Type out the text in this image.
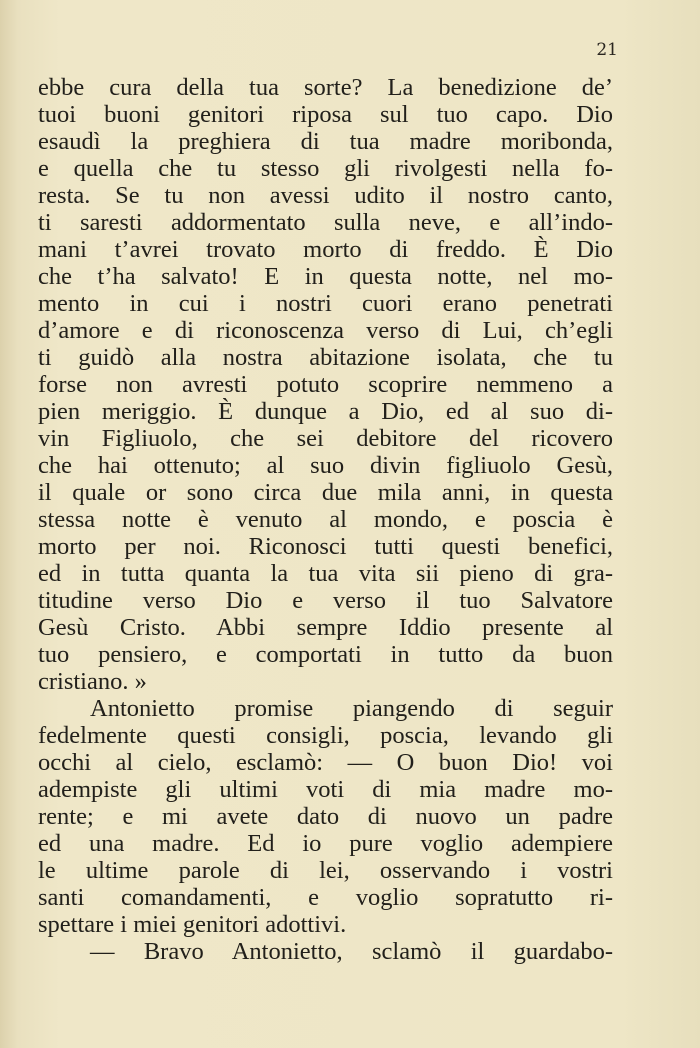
21
ebbe cura della tua sorte? La benedizione de’
tuoi buoni genitori riposa sul tuo capo. Dio
esaudì la preghiera di tua madre moribonda,
e quella che tu stesso gli rivolgesti nella fo-
resta. Se tu non avessi udito il nostro canto,
ti saresti addormentato sulla neve, e all’indo-
mani t’avrei trovato morto di freddo. È Dio
che t’ha salvato! E in questa notte, nel mo-
mento in cui i nostri cuori erano penetrati
d’amore e di riconoscenza verso di Lui, ch’egli
ti guidò alla nostra abitazione isolata, che tu
forse non avresti potuto scoprire nemmeno a
pien meriggio. È dunque a Dio, ed al suo di-
vin Figliuolo, che sei debitore del ricovero
che hai ottenuto; al suo divin figliuolo Gesù,
il quale or sono circa due mila anni, in questa
stessa notte è venuto al mondo, e poscia è
morto per noi. Riconosci tutti questi benefici,
ed in tutta quanta la tua vita sii pieno di gra-
titudine verso Dio e verso il tuo Salvatore
Gesù Cristo. Abbi sempre Iddio presente al
tuo pensiero, e comportati in tutto da buon
cristiano. »
Antonietto promise piangendo di seguir
fedelmente questi consigli, poscia, levando gli
occhi al cielo, esclamò: — O buon Dio! voi
adempiste gli ultimi voti di mia madre mo-
rente; e mi avete dato di nuovo un padre
ed una madre. Ed io pure voglio adempiere
le ultime parole di lei, osservando i vostri
santi comandamenti, e voglio sopratutto ri-
spettare i miei genitori adottivi.
— Bravo Antonietto, sclamò il guardabo-
